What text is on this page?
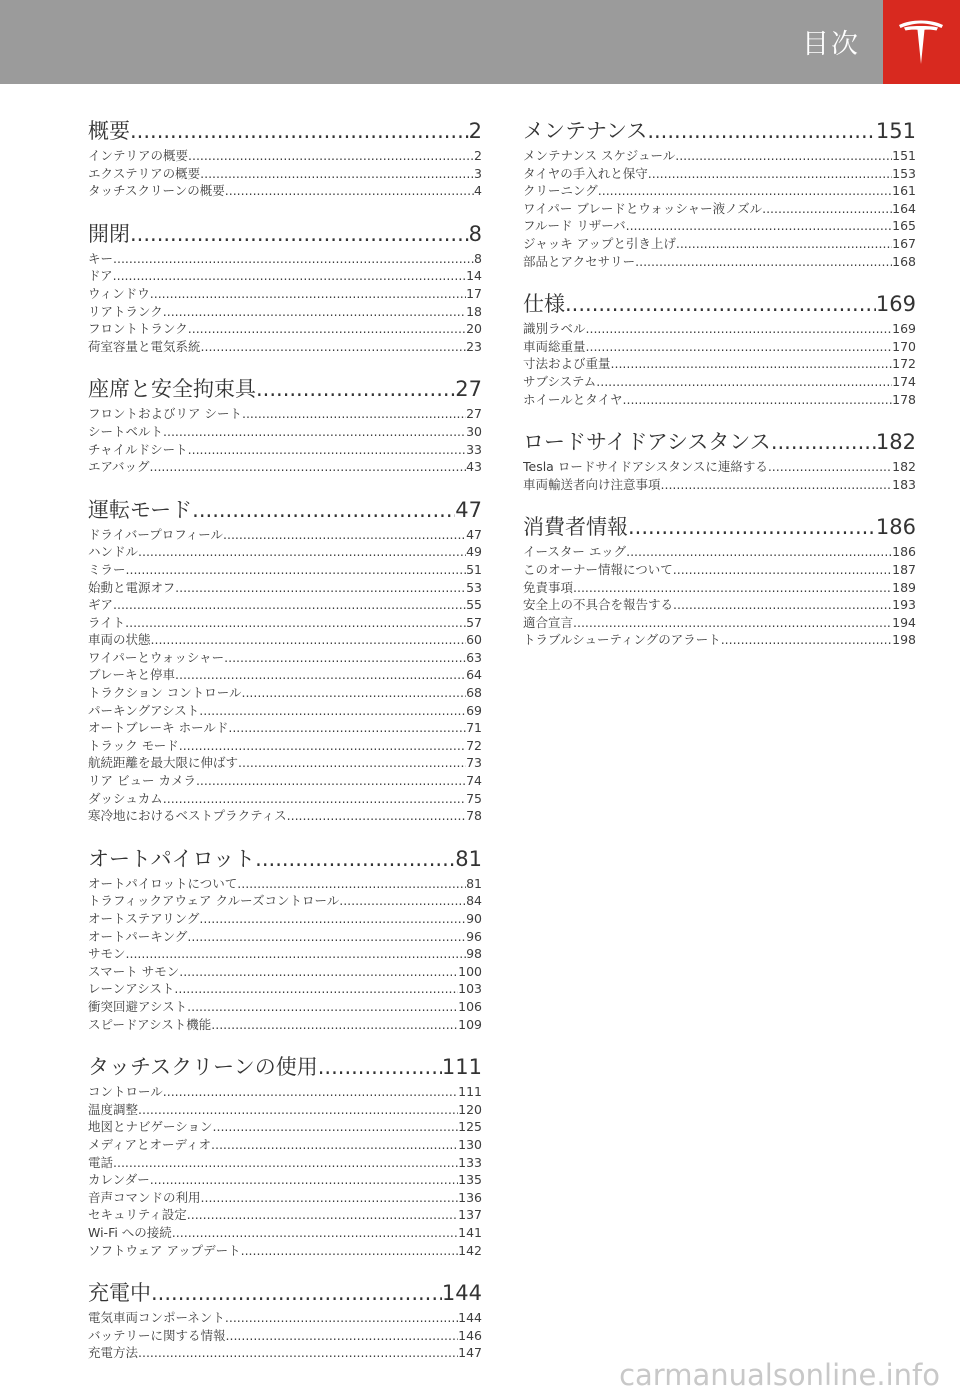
目次
概要 .....	2
インテリアの概要 .....	2
エクステリアの概要 .....	3
タッチスクリーンの概要 .....	4
開閉 .....	8
キー .....	8
ドア .....	14
ウィンドウ .....	17
リアトランク .....	18
フロントトランク .....	20
荷室容量と電気系統 .....	23
座席と安全拘束具 .....	27
フロントおよびリア シート .....	27
シートベルト .....	30
チャイルドシート .....	33
エアバッグ .....	43
運転モード .....	47
ドライバープロフィール .....	47
ハンドル .....	49
ミラー .....	51
始動と電源オフ .....	53
ギア .....	55
ライト .....	57
車両の状態 .....	60
ワイパーとウォッシャー .....	63
ブレーキと停車 .....	64
トラクション コントロール .....	68
パーキングアシスト .....	69
オートブレーキ ホールド .....	71
トラック モード .....	72
航続距離を最大限に伸ばす .....	73
リア ビュー カメラ .....	74
ダッシュカム .....	75
寒冷地におけるベストプラクティス .....	78
オートパイロット .....	81
オートパイロットについて .....	81
トラフィックアウェア クルーズコントロール .....	84
オートステアリング .....	90
オートパーキング .....	96
サモン .....	98
スマート サモン .....	100
レーンアシスト .....	103
衝突回避アシスト .....	106
スピードアシスト機能 .....	109
タッチスクリーンの使用 .....	111
コントロール .....	111
温度調整 .....	120
地図とナビゲーション .....	125
メディアとオーディオ .....	130
電話 .....	133
カレンダー .....	135
音声コマンドの利用 .....	136
セキュリティ設定 .....	137
Wi-Fi への接続 .....	141
ソフトウェア アップデート .....	142
充電中 .....	144
電気車両コンポーネント .....	144
バッテリーに関する情報 .....	146
充電方法 .....	147
メンテナンス .....	151
メンテナンス スケジュール .....	151
タイヤの手入れと保守 .....	153
クリーニング .....	161
ワイパー ブレードとウォッシャー液ノズル .....	164
フルード リザーバ .....	165
ジャッキ アップと引き上げ .....	167
部品とアクセサリー .....	168
仕様 .....	169
識別ラベル .....	169
車両総重量 .....	170
寸法および重量 .....	172
サブシステム .....	174
ホイールとタイヤ .....	178
ロードサイドアシスタンス .....	182
Tesla ロードサイドアシスタンスに連絡する .....	182
車両輸送者向け注意事項 .....	183
消費者情報 .....	186
イースター エッグ .....	186
このオーナー情報について .....	187
免責事項 .....	189
安全上の不具合を報告する .....	193
適合宣言 .....	194
トラブルシューティングのアラート .....	198
carmanualsonline.info
